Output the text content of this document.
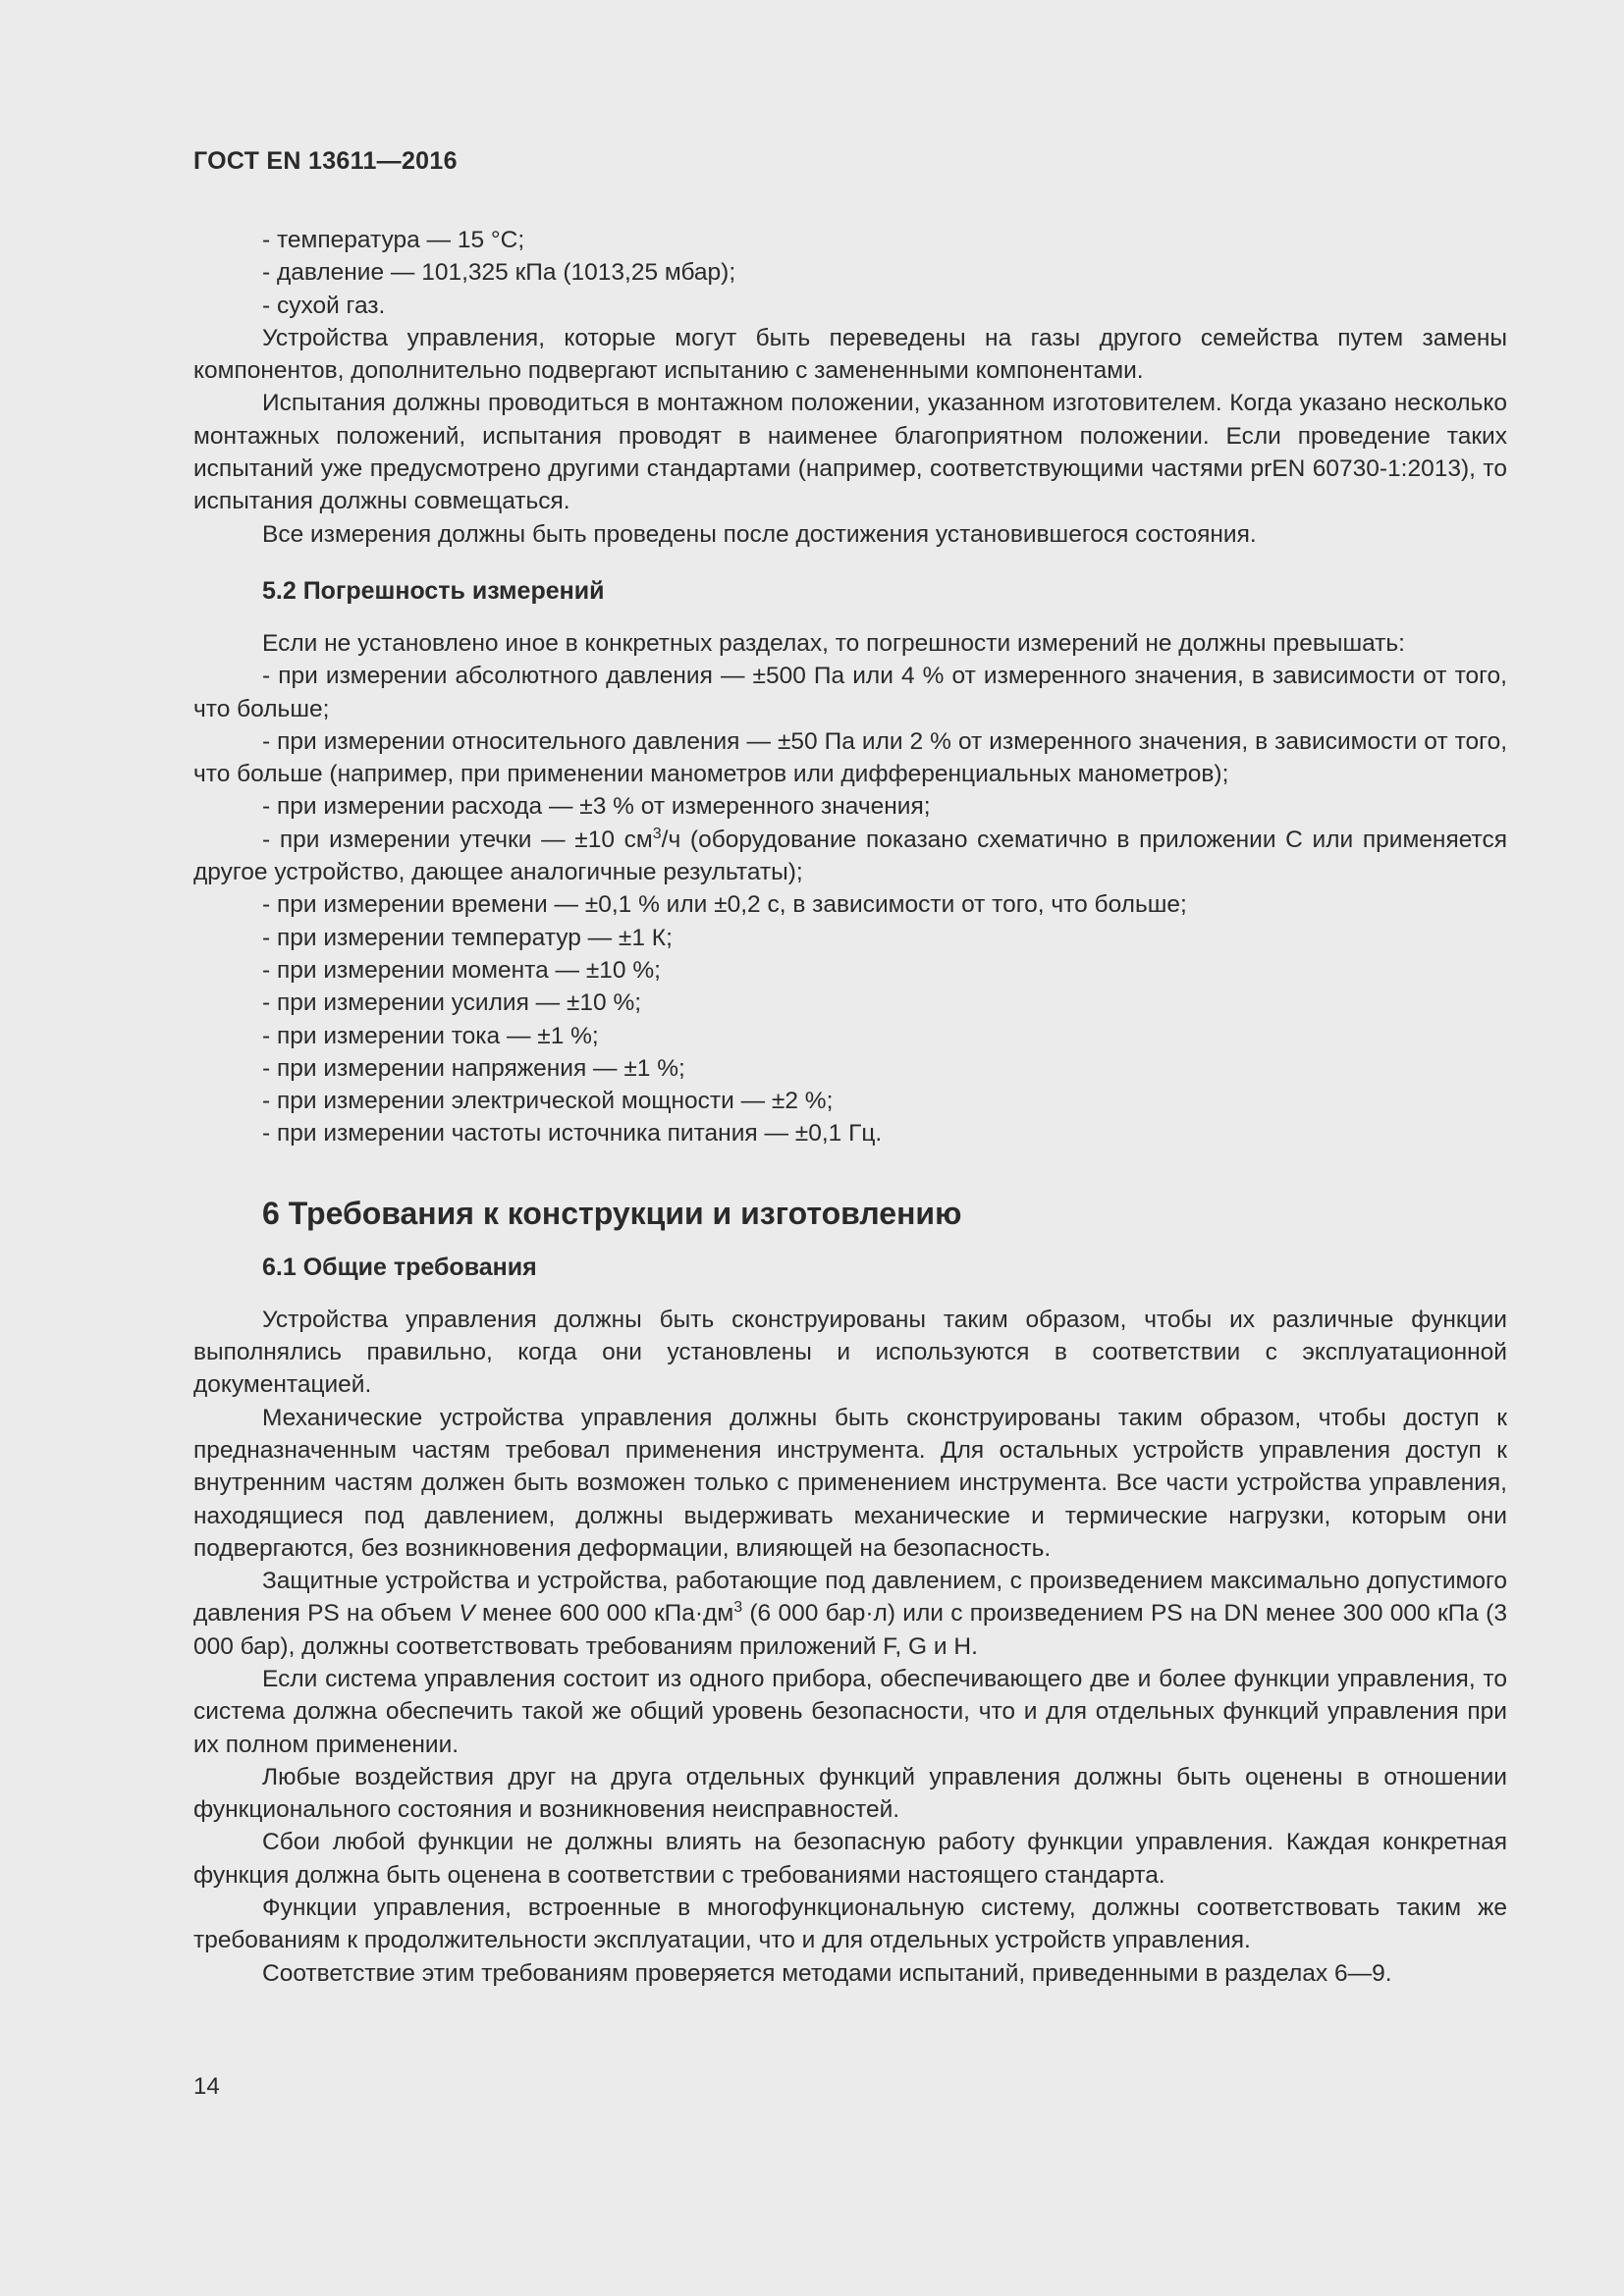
ГОСТ EN 13611—2016

- температура — 15 °С;

- давление — 101,325 кПа (1013,25 мбар);

- сухой газ.

Устройства управления, которые могут быть переведены на газы другого семейства путем замены компонентов, дополнительно подвергают испытанию с замененными компонентами.

Испытания должны проводиться в монтажном положении, указанном изготовителем. Когда указано несколько монтажных положений, испытания проводят в наименее благоприятном положении. Если проведение таких испытаний уже предусмотрено другими стандартами (например, соответствующими частями prEN 60730-1:2013), то испытания должны совмещаться.

Все измерения должны быть проведены после достижения установившегося состояния.

5.2 Погрешность измерений

Если не установлено иное в конкретных разделах, то погрешности измерений не должны превышать:

- при измерении абсолютного давления — ±500 Па или 4 % от измеренного значения, в зависимости от того, что больше;

- при измерении относительного давления — ±50 Па или 2 % от измеренного значения, в зависимости от того, что больше (например, при применении манометров или дифференциальных манометров);

- при измерении расхода — ±3 % от измеренного значения;

- при измерении утечки — ±10 $см^3/ч$ (оборудование показано схематично в приложении С или применяется другое устройство, дающее аналогичные результаты);

- при измерении времени — ±0,1 % или ±0,2 с, в зависимости от того, что больше;

- при измерении температур — ±1 К;

- при измерении момента — ±10 %;

- при измерении усилия — ±10 %;

- при измерении тока — ±1 %;

- при измерении напряжения — ±1 %;

- при измерении электрической мощности — ±2 %;

- при измерении частоты источника питания — ±0,1 Гц.

6 Требования к конструкции и изготовлению
6.1 Общие требования

Устройства управления должны быть сконструированы таким образом, чтобы их различные функции выполнялись правильно, когда они установлены и используются в соответствии с эксплуатационной документацией.

Механические устройства управления должны быть сконструированы таким образом, чтобы доступ к предназначенным частям требовал применения инструмента. Для остальных устройств управления доступ к внутренним частям должен быть возможен только с применением инструмента. Все части устройства управления, находящиеся под давлением, должны выдерживать механические и термические нагрузки, которым они подвергаются, без возникновения деформации, влияющей на безопасность.

Защитные устройства и устройства, работающие под давлением, с произведением максимально допустимого давления PS на объем V менее 600 000 $кПа\cdot дм^3$ (6 000 бар·л) или с произведением PS на DN менее 300 000 кПа (3 000 бар), должны соответствовать требованиям приложений F, G и H.

Если система управления состоит из одного прибора, обеспечивающего две и более функции управления, то система должна обеспечить такой же общий уровень безопасности, что и для отдельных функций управления при их полном применении.

Любые воздействия друг на друга отдельных функций управления должны быть оценены в отношении функционального состояния и возникновения неисправностей.

Сбои любой функции не должны влиять на безопасную работу функции управления. Каждая конкретная функция должна быть оценена в соответствии с требованиями настоящего стандарта.

Функции управления, встроенные в многофункциональную систему, должны соответствовать таким же требованиям к продолжительности эксплуатации, что и для отдельных устройств управления.

Соответствие этим требованиям проверяется методами испытаний, приведенными в разделах 6—9.

14
